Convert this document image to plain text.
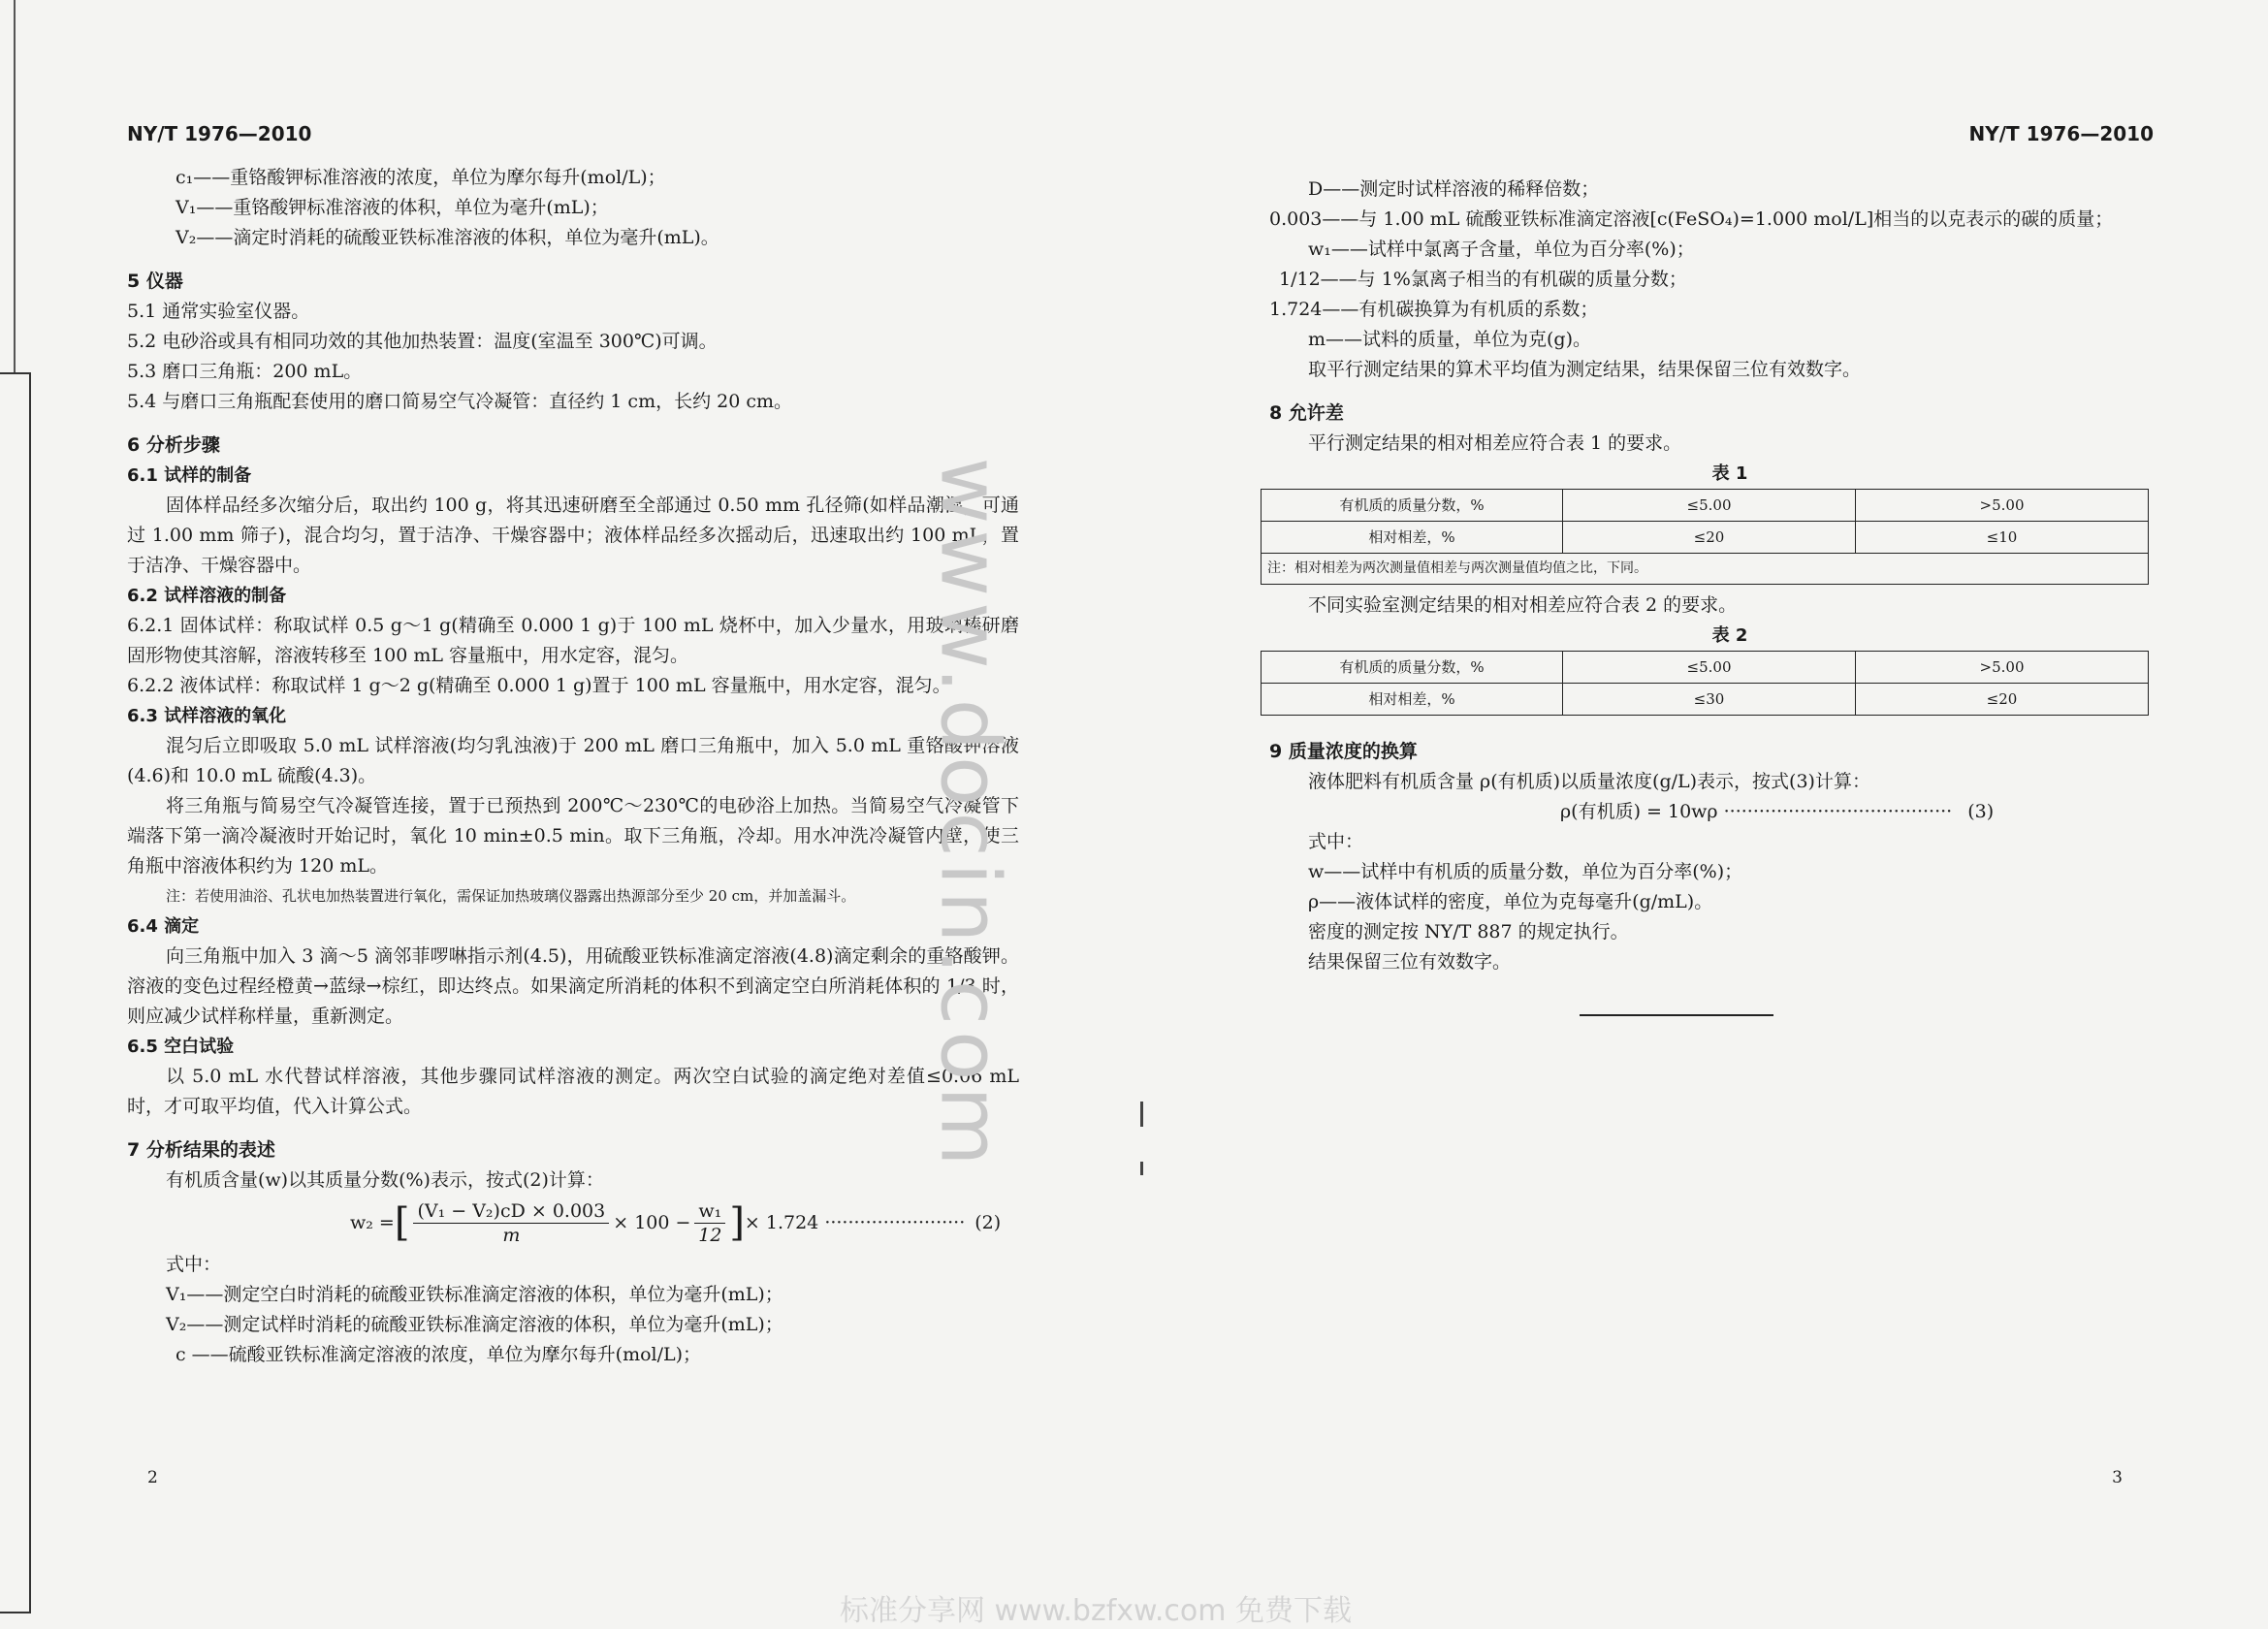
NY/T 1976—2010
c₁——重铬酸钾标准溶液的浓度，单位为摩尔每升(mol/L)；
V₁——重铬酸钾标准溶液的体积，单位为毫升(mL)；
V₂——滴定时消耗的硫酸亚铁标准溶液的体积，单位为毫升(mL)。
5 仪器
5.1 通常实验室仪器。
5.2 电砂浴或具有相同功效的其他加热装置：温度(室温至 300℃)可调。
5.3 磨口三角瓶：200 mL。
5.4 与磨口三角瓶配套使用的磨口简易空气冷凝管：直径约 1 cm，长约 20 cm。
6 分析步骤
6.1 试样的制备
固体样品经多次缩分后，取出约 100 g，将其迅速研磨至全部通过 0.50 mm 孔径筛(如样品潮湿，可通过 1.00 mm 筛子)，混合均匀，置于洁净、干燥容器中；液体样品经多次摇动后，迅速取出约 100 mL，置于洁净、干燥容器中。
6.2 试样溶液的制备
6.2.1 固体试样：称取试样 0.5 g～1 g(精确至 0.000 1 g)于 100 mL 烧杯中，加入少量水，用玻璃棒研磨固形物使其溶解，溶液转移至 100 mL 容量瓶中，用水定容，混匀。
6.2.2 液体试样：称取试样 1 g～2 g(精确至 0.000 1 g)置于 100 mL 容量瓶中，用水定容，混匀。
6.3 试样溶液的氧化
混匀后立即吸取 5.0 mL 试样溶液(均匀乳浊液)于 200 mL 磨口三角瓶中，加入 5.0 mL 重铬酸钾溶液(4.6)和 10.0 mL 硫酸(4.3)。
将三角瓶与简易空气冷凝管连接，置于已预热到 200℃～230℃的电砂浴上加热。当简易空气冷凝管下端落下第一滴冷凝液时开始记时，氧化 10 min±0.5 min。取下三角瓶，冷却。用水冲洗冷凝管内壁，使三角瓶中溶液体积约为 120 mL。
注：若使用油浴、孔状电加热装置进行氧化，需保证加热玻璃仪器露出热源部分至少 20 cm，并加盖漏斗。
6.4 滴定
向三角瓶中加入 3 滴～5 滴邻菲啰啉指示剂(4.5)，用硫酸亚铁标准滴定溶液(4.8)滴定剩余的重铬酸钾。溶液的变色过程经橙黄→蓝绿→棕红，即达终点。如果滴定所消耗的体积不到滴定空白所消耗体积的 1/3 时，则应减少试样称样量，重新测定。
6.5 空白试验
以 5.0 mL 水代替试样溶液，其他步骤同试样溶液的测定。两次空白试验的滴定绝对差值≤0.06 mL 时，才可取平均值，代入计算公式。
7 分析结果的表述
有机质含量(w)以其质量分数(%)表示，按式(2)计算：
w₂ = [ $\frac{\text{(V₁ − V₂)cD × 0.003}}{m} \times 100 - \frac{\text{w₁}}{12}$ ] × 1.724 ························ (2)
式中：
V₁——测定空白时消耗的硫酸亚铁标准滴定溶液的体积，单位为毫升(mL)；
V₂——测定试样时消耗的硫酸亚铁标准滴定溶液的体积，单位为毫升(mL)；
c ——硫酸亚铁标准滴定溶液的浓度，单位为摩尔每升(mol/L)；
2
NY/T 1976—2010
D——测定时试样溶液的稀释倍数；
0.003——与 1.00 mL 硫酸亚铁标准滴定溶液[c(FeSO₄)=1.000 mol/L]相当的以克表示的碳的质量；
w₁——试样中氯离子含量，单位为百分率(%)；
1/12——与 1%氯离子相当的有机碳的质量分数；
1.724——有机碳换算为有机质的系数；
m——试料的质量，单位为克(g)。
取平行测定结果的算术平均值为测定结果，结果保留三位有效数字。
8 允许差
平行测定结果的相对相差应符合表 1 的要求。
表 1
有机质的质量分数，%	≤5.00	>5.00
相对相差，%	≤20	≤10
注：相对相差为两次测量值相差与两次测量值均值之比，下同。		
不同实验室测定结果的相对相差应符合表 2 的要求。
表 2
有机质的质量分数，%	≤5.00	>5.00
相对相差，%	≤30	≤20
9 质量浓度的换算
液体肥料有机质含量 ρ(有机质)以质量浓度(g/L)表示，按式(3)计算：
ρ(有机质) = 10wρ ······································· (3)
式中：
w——试样中有机质的质量分数，单位为百分率(%)；
ρ——液体试样的密度，单位为克每毫升(g/mL)。
密度的测定按 NY/T 887 的规定执行。
结果保留三位有效数字。
3
www.docin.com
标准分享网 www.bzfxw.com 免费下载
